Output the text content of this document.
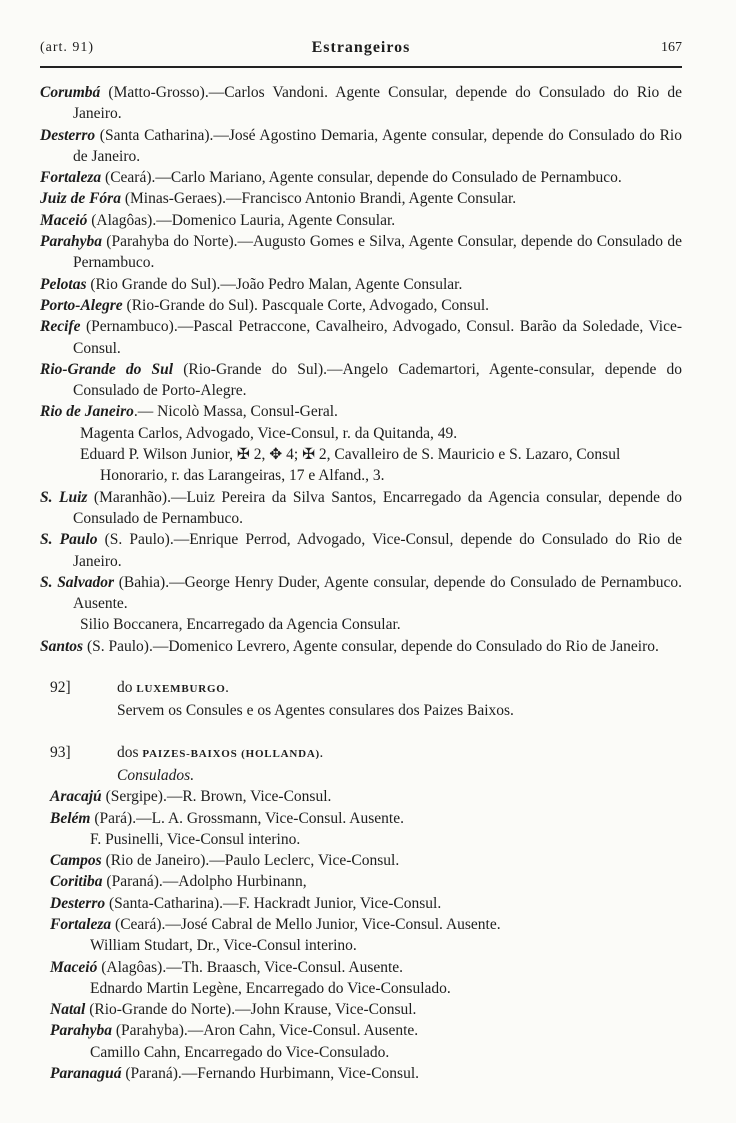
(art. 91)	Estrangeiros	167
Corumbá (Matto-Grosso).—Carlos Vandoni. Agente Consular, depende do Consulado do Rio de Janeiro.
Desterro (Santa Catharina).—José Agostino Demaria, Agente consular, depende do Consulado do Rio de Janeiro.
Fortaleza (Ceará).—Carlo Mariano, Agente consular, depende do Consulado de Pernambuco.
Juiz de Fóra (Minas-Geraes).—Francisco Antonio Brandi, Agente Consular.
Maceió (Alagôas).—Domenico Lauria, Agente Consular.
Parahyba (Parahyba do Norte).—Augusto Gomes e Silva, Agente Consular, depende do Consulado de Pernambuco.
Pelotas (Rio Grande do Sul).—João Pedro Malan, Agente Consular.
Porto-Alegre (Rio-Grande do Sul). Pascquale Corte, Advogado, Consul.
Recife (Pernambuco).—Pascal Petraccone, Cavalheiro, Advogado, Consul. Barão da Soledade, Vice-Consul.
Rio-Grande do Sul (Rio-Grande do Sul).—Angelo Cademartori, Agente-consular, depende do Consulado de Porto-Alegre.
Rio de Janeiro.— Nicolò Massa, Consul-Geral.
Magenta Carlos, Advogado, Vice-Consul, r. da Quitanda, 49.
Eduard P. Wilson Junior, ✠ 2, ✥ 4; ✠ 2, Cavalleiro de S. Mauricio e S. Lazaro, Consul Honorario, r. das Larangeiras, 17 e Alfand., 3.
S. Luiz (Maranhão).—Luiz Pereira da Silva Santos, Encarregado da Agencia consular, depende do Consulado de Pernambuco.
S. Paulo (S. Paulo).—Enrique Perrod, Advogado, Vice-Consul, depende do Consulado do Rio de Janeiro.
S. Salvador (Bahia).—George Henry Duder, Agente consular, depende do Consulado de Pernambuco. Ausente.
Silio Boccanera, Encarregado da Agencia Consular.
Santos (S. Paulo).—Domenico Levrero, Agente consular, depende do Consulado do Rio de Janeiro.
92]	do LUXEMBURGO.
Servem os Consules e os Agentes consulares dos Paizes Baixos.
93]	dos PAIZES-BAIXOS (HOLLANDA).
Consulados.
Aracajú (Sergipe).—R. Brown, Vice-Consul.
Belém (Pará).—L. A. Grossmann, Vice-Consul. Ausente.
F. Pusinelli, Vice-Consul interino.
Campos (Rio de Janeiro).—Paulo Leclerc, Vice-Consul.
Coritiba (Paraná).—Adolpho Hurbinann,
Desterro (Santa-Catharina).—F. Hackradt Junior, Vice-Consul.
Fortaleza (Ceará).—José Cabral de Mello Junior, Vice-Consul. Ausente.
William Studart, Dr., Vice-Consul interino.
Maceió (Alagôas).—Th. Braasch, Vice-Consul. Ausente.
Ednardo Martin Legène, Encarregado do Vice-Consulado.
Natal (Rio-Grande do Norte).—John Krause, Vice-Consul.
Parahyba (Parahyba).—Aron Cahn, Vice-Consul. Ausente.
Camillo Cahn, Encarregado do Vice-Consulado.
Paranaguá (Paraná).—Fernando Hurbimann, Vice-Consul.
